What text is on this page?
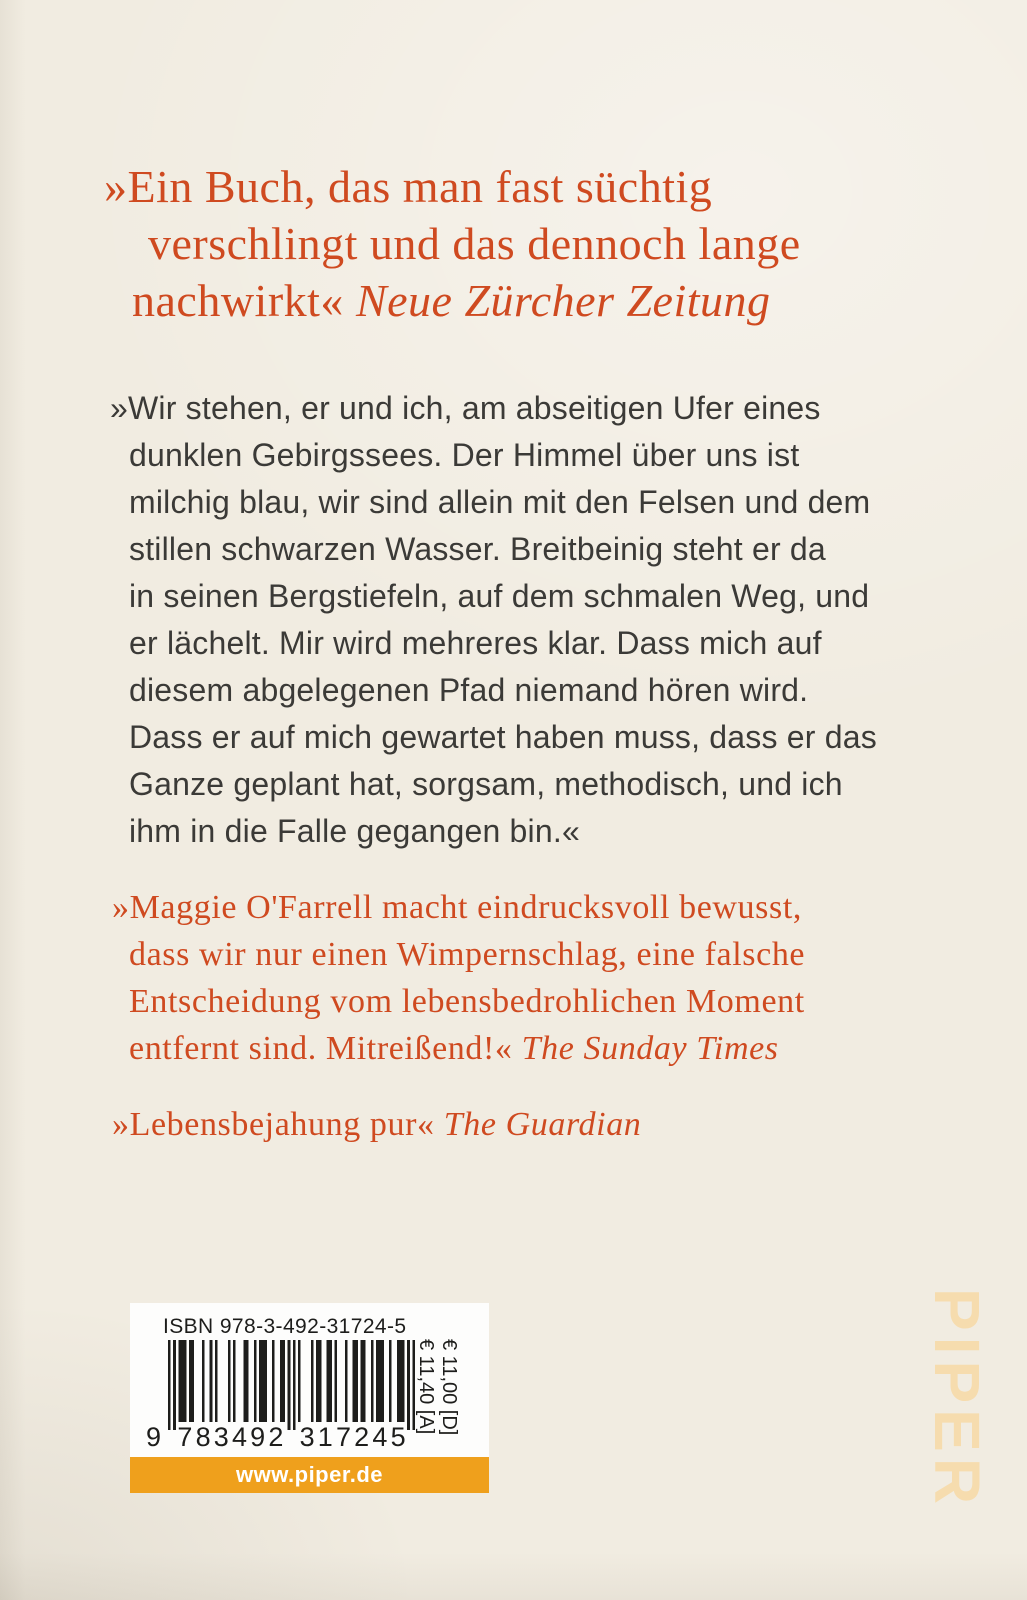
»Ein Buch, das man fast süchtig
verschlingt und das dennoch lange
nachwirkt« Neue Zürcher Zeitung
»Wir stehen, er und ich, am abseitigen Ufer eines
dunklen Gebirgssees. Der Himmel über uns ist
milchig blau, wir sind allein mit den Felsen und dem
stillen schwarzen Wasser. Breitbeinig steht er da
in seinen Bergstiefeln, auf dem schmalen Weg, und
er lächelt. Mir wird mehreres klar. Dass mich auf
diesem abgelegenen Pfad niemand hören wird.
Dass er auf mich gewartet haben muss, dass er das
Ganze geplant hat, sorgsam, methodisch, und ich
ihm in die Falle gegangen bin.«
»Maggie O'Farrell macht eindrucksvoll bewusst,
dass wir nur einen Wimpernschlag, eine falsche
Entscheidung vom lebensbedrohlichen Moment
entfernt sind. Mitreißend!« The Sunday Times
»Lebensbejahung pur« The Guardian
ISBN 978-3-492-31724-5
9 7 8 3 4 9 2 3 1 7 2 4 5
€ 11,00 [D]
€ 11,40 [A]
www.piper.de	PIPER
